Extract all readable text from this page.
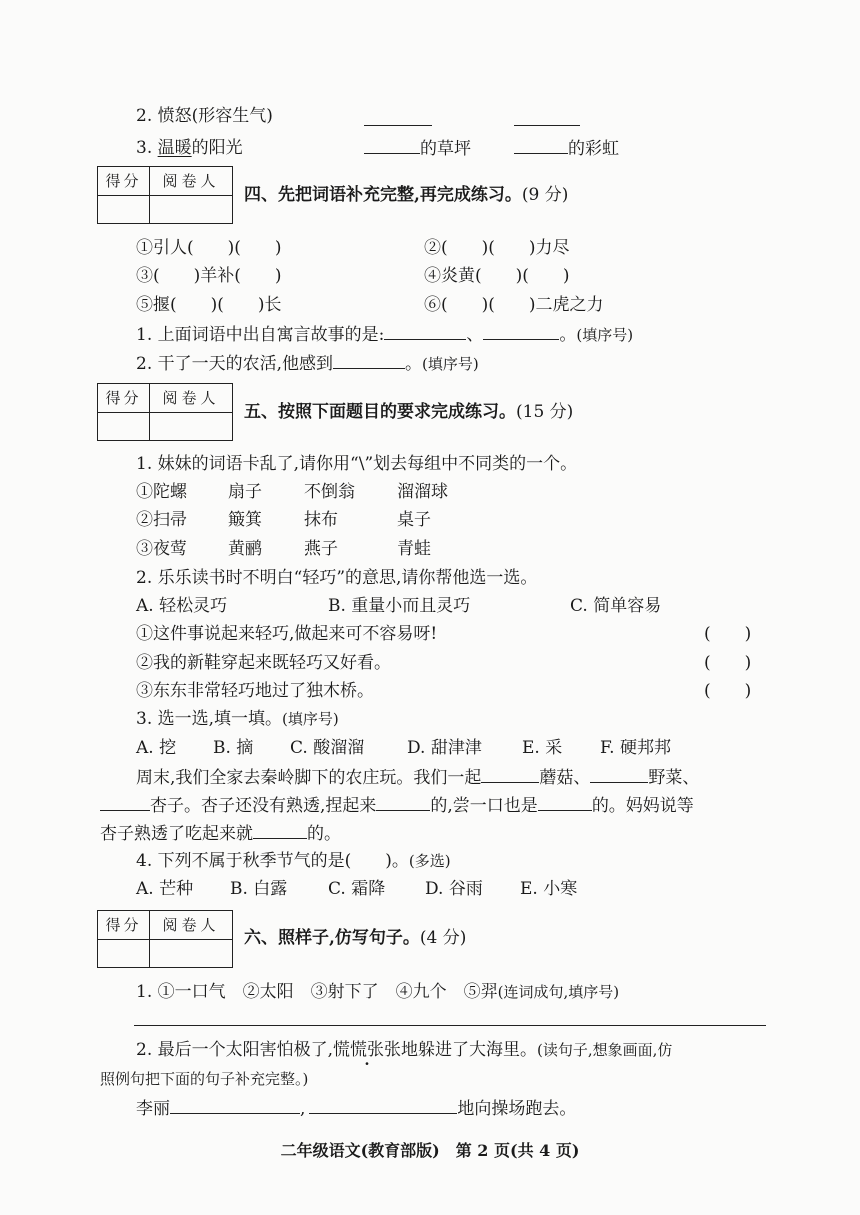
2. 愤怒(形容生气)
3. 温暖的阳光	的草坪	的彩虹
得分	阅卷人
四、先把词语补充完整,再完成练习。(9 分)
①引人(　　)(　　)	②(　　)(　　)力尽
③(　　)羊补(　　)	④炎黄(　　)(　　)
⑤揠(　　)(　　)长	⑥(　　)(　　)二虎之力
1. 上面词语中出自寓言故事的是:	、	。(填序号)
2. 干了一天的农活,他感到	。(填序号)
得分	阅卷人
五、按照下面题目的要求完成练习。(15 分)
1. 妹妹的词语卡乱了,请你用“\”划去每组中不同类的一个。
①陀螺 扇子 不倒翁 溜溜球
②扫帚 簸箕 抹布	桌子
③夜莺 黄鹂 燕子	青蛙
2. 乐乐读书时不明白“轻巧”的意思,请你帮他选一选。
A. 轻松灵巧	B. 重量小而且灵巧	C. 简单容易
①这件事说起来轻巧,做起来可不容易呀!	(　　)
②我的新鞋穿起来既轻巧又好看。	(　　)
③东东非常轻巧地过了独木桥。	(　　)
3. 选一选,填一填。(填序号)
A. 挖 B. 摘 C. 酸溜溜	D. 甜津津 E. 采 F. 硬邦邦
周末,我们全家去秦岭脚下的农庄玩。我们一起	蘑菇、	野菜、
杏子。杏子还没有熟透,捏起来	的,尝一口也是	的。妈妈说等
杏子熟透了吃起来就	的。
4. 下列不属于秋季节气的是(　　)。(多选)
A. 芒种 B. 白露 C. 霜降 D. 谷雨 E. 小寒
得分	阅卷人
六、照样子,仿写句子。(4 分)
1. ①一口气　②太阳　③射下了　④九个　⑤羿(连词成句,填序号)
2. 最后一个太阳害怕极了,慌慌张张地躲进了大海里。(读句子,想象画面,仿
照例句把下面的句子补充完整。)
李丽	,	地向操场跑去。
二年级语文(教育部版)　第 2 页(共 4 页)
